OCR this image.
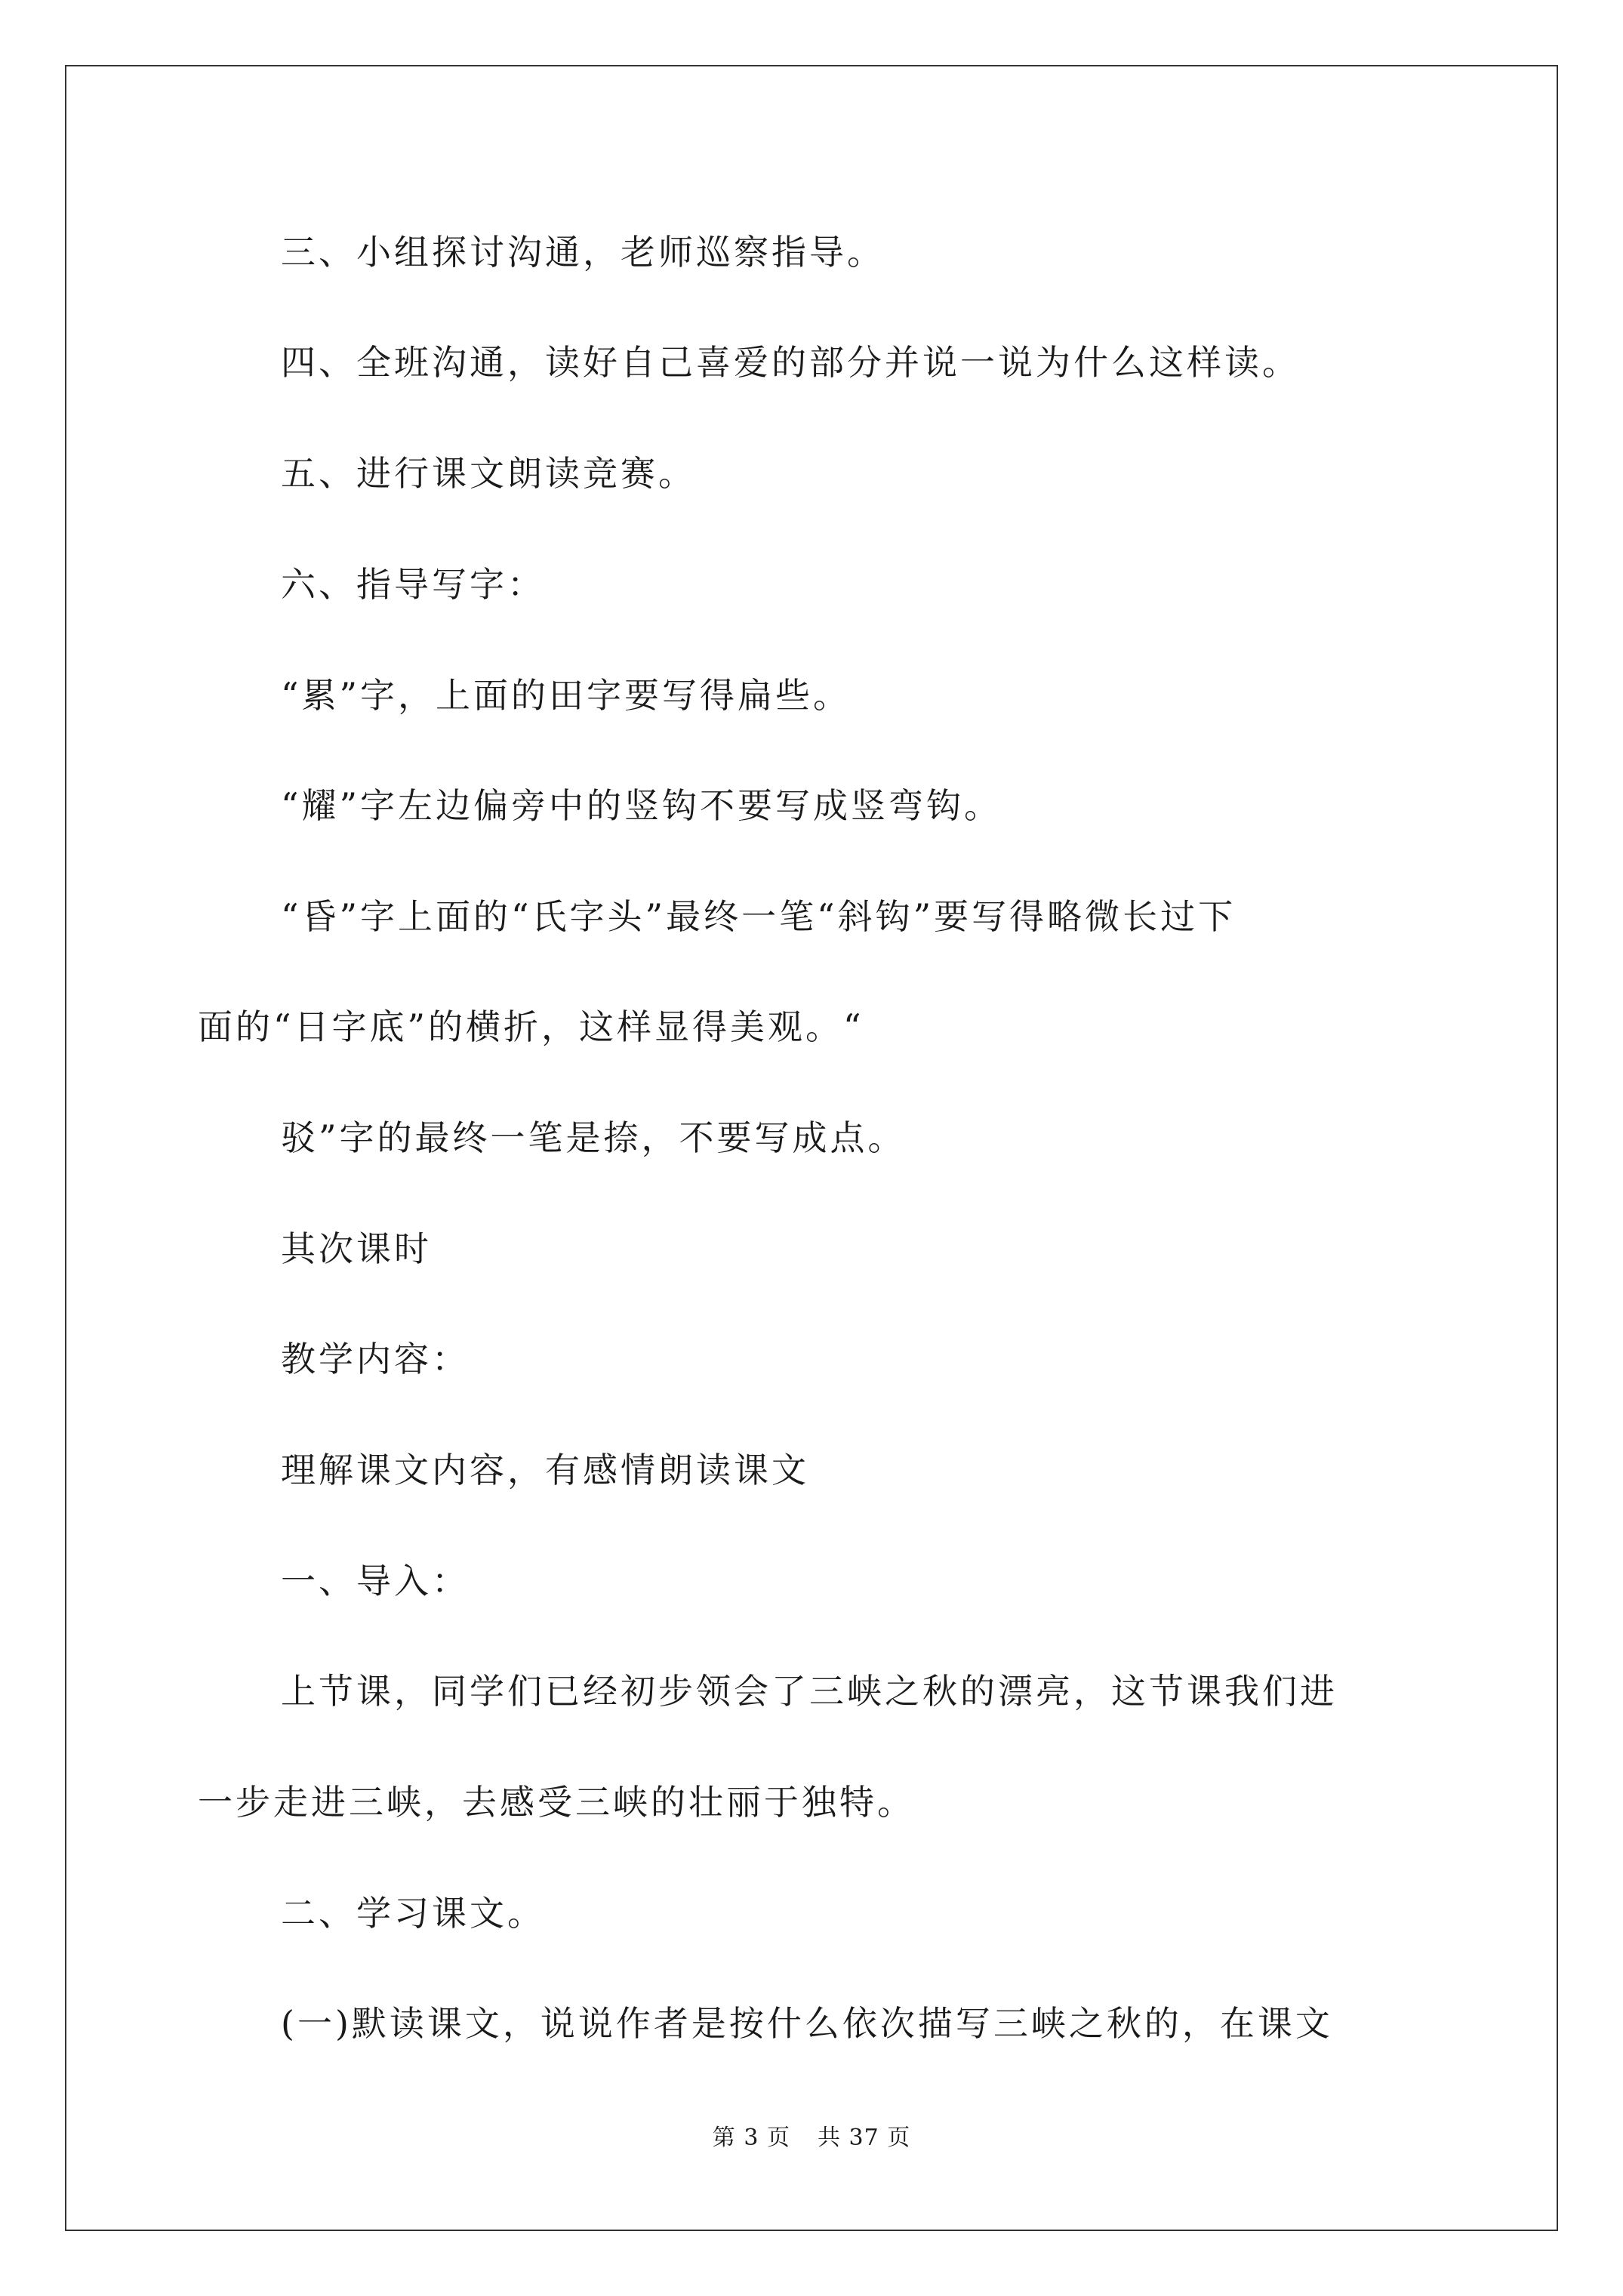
三、小组探讨沟通，老师巡察指导。
四、全班沟通，读好自己喜爱的部分并说一说为什么这样读。
五、进行课文朗读竞赛。
六、指导写字：
“累”字，上面的田字要写得扁些。
“耀”字左边偏旁中的竖钩不要写成竖弯钩。
“昏”字上面的“氏字头”最终一笔“斜钩”要写得略微长过下
面的“日字底”的横折，这样显得美观。“
驳”字的最终一笔是捺，不要写成点。
其次课时
教学内容：
理解课文内容，有感情朗读课文
一、导入：
上节课，同学们已经初步领会了三峡之秋的漂亮，这节课我们进
一步走进三峡，去感受三峡的壮丽于独特。
二、学习课文。
(一)默读课文，说说作者是按什么依次描写三峡之秋的，在课文
第 3 页 共 37 页
